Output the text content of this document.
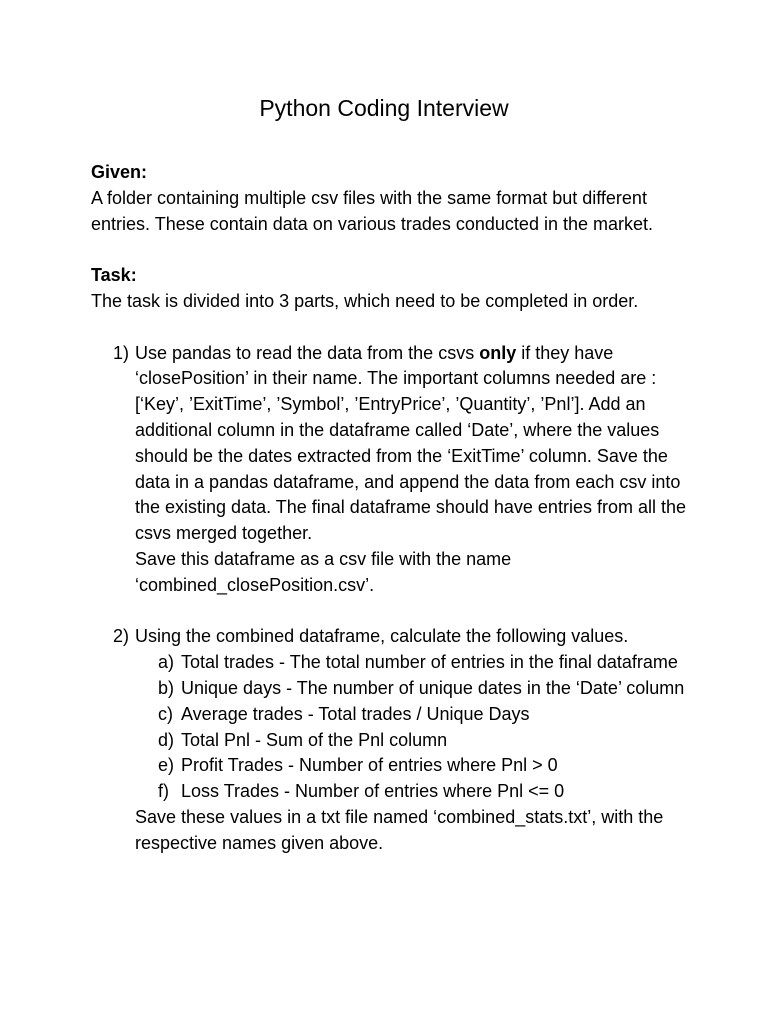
Python Coding Interview

Given:

A folder containing multiple csv files with the same format but different entries. These contain data on various trades conducted in the market.

Task:

The task is divided into 3 parts, which need to be completed in order.

1) Use pandas to read the data from the csvs only if they have ‘closePosition’ in their name. The important columns needed are : [‘Key’, ’ExitTime’, ’Symbol’, ’EntryPrice’, ’Quantity’, ’Pnl’]. Add an additional column in the dataframe called ‘Date’, where the values should be the dates extracted from the ‘ExitTime’ column. Save the data in a pandas dataframe, and append the data from each csv into the existing data. The final dataframe should have entries from all the csvs merged together.

Save this dataframe as a csv file with the name ‘combined_closePosition.csv’.

2) Using the combined dataframe, calculate the following values.
a) Total trades - The total number of entries in the final dataframe
b) Unique days - The number of unique dates in the ‘Date’ column
c) Average trades - Total trades / Unique Days
d) Total Pnl - Sum of the Pnl column
e) Profit Trades - Number of entries where Pnl > 0
f) Loss Trades - Number of entries where Pnl <= 0

Save these values in a txt file named ‘combined_stats.txt’, with the respective names given above.
